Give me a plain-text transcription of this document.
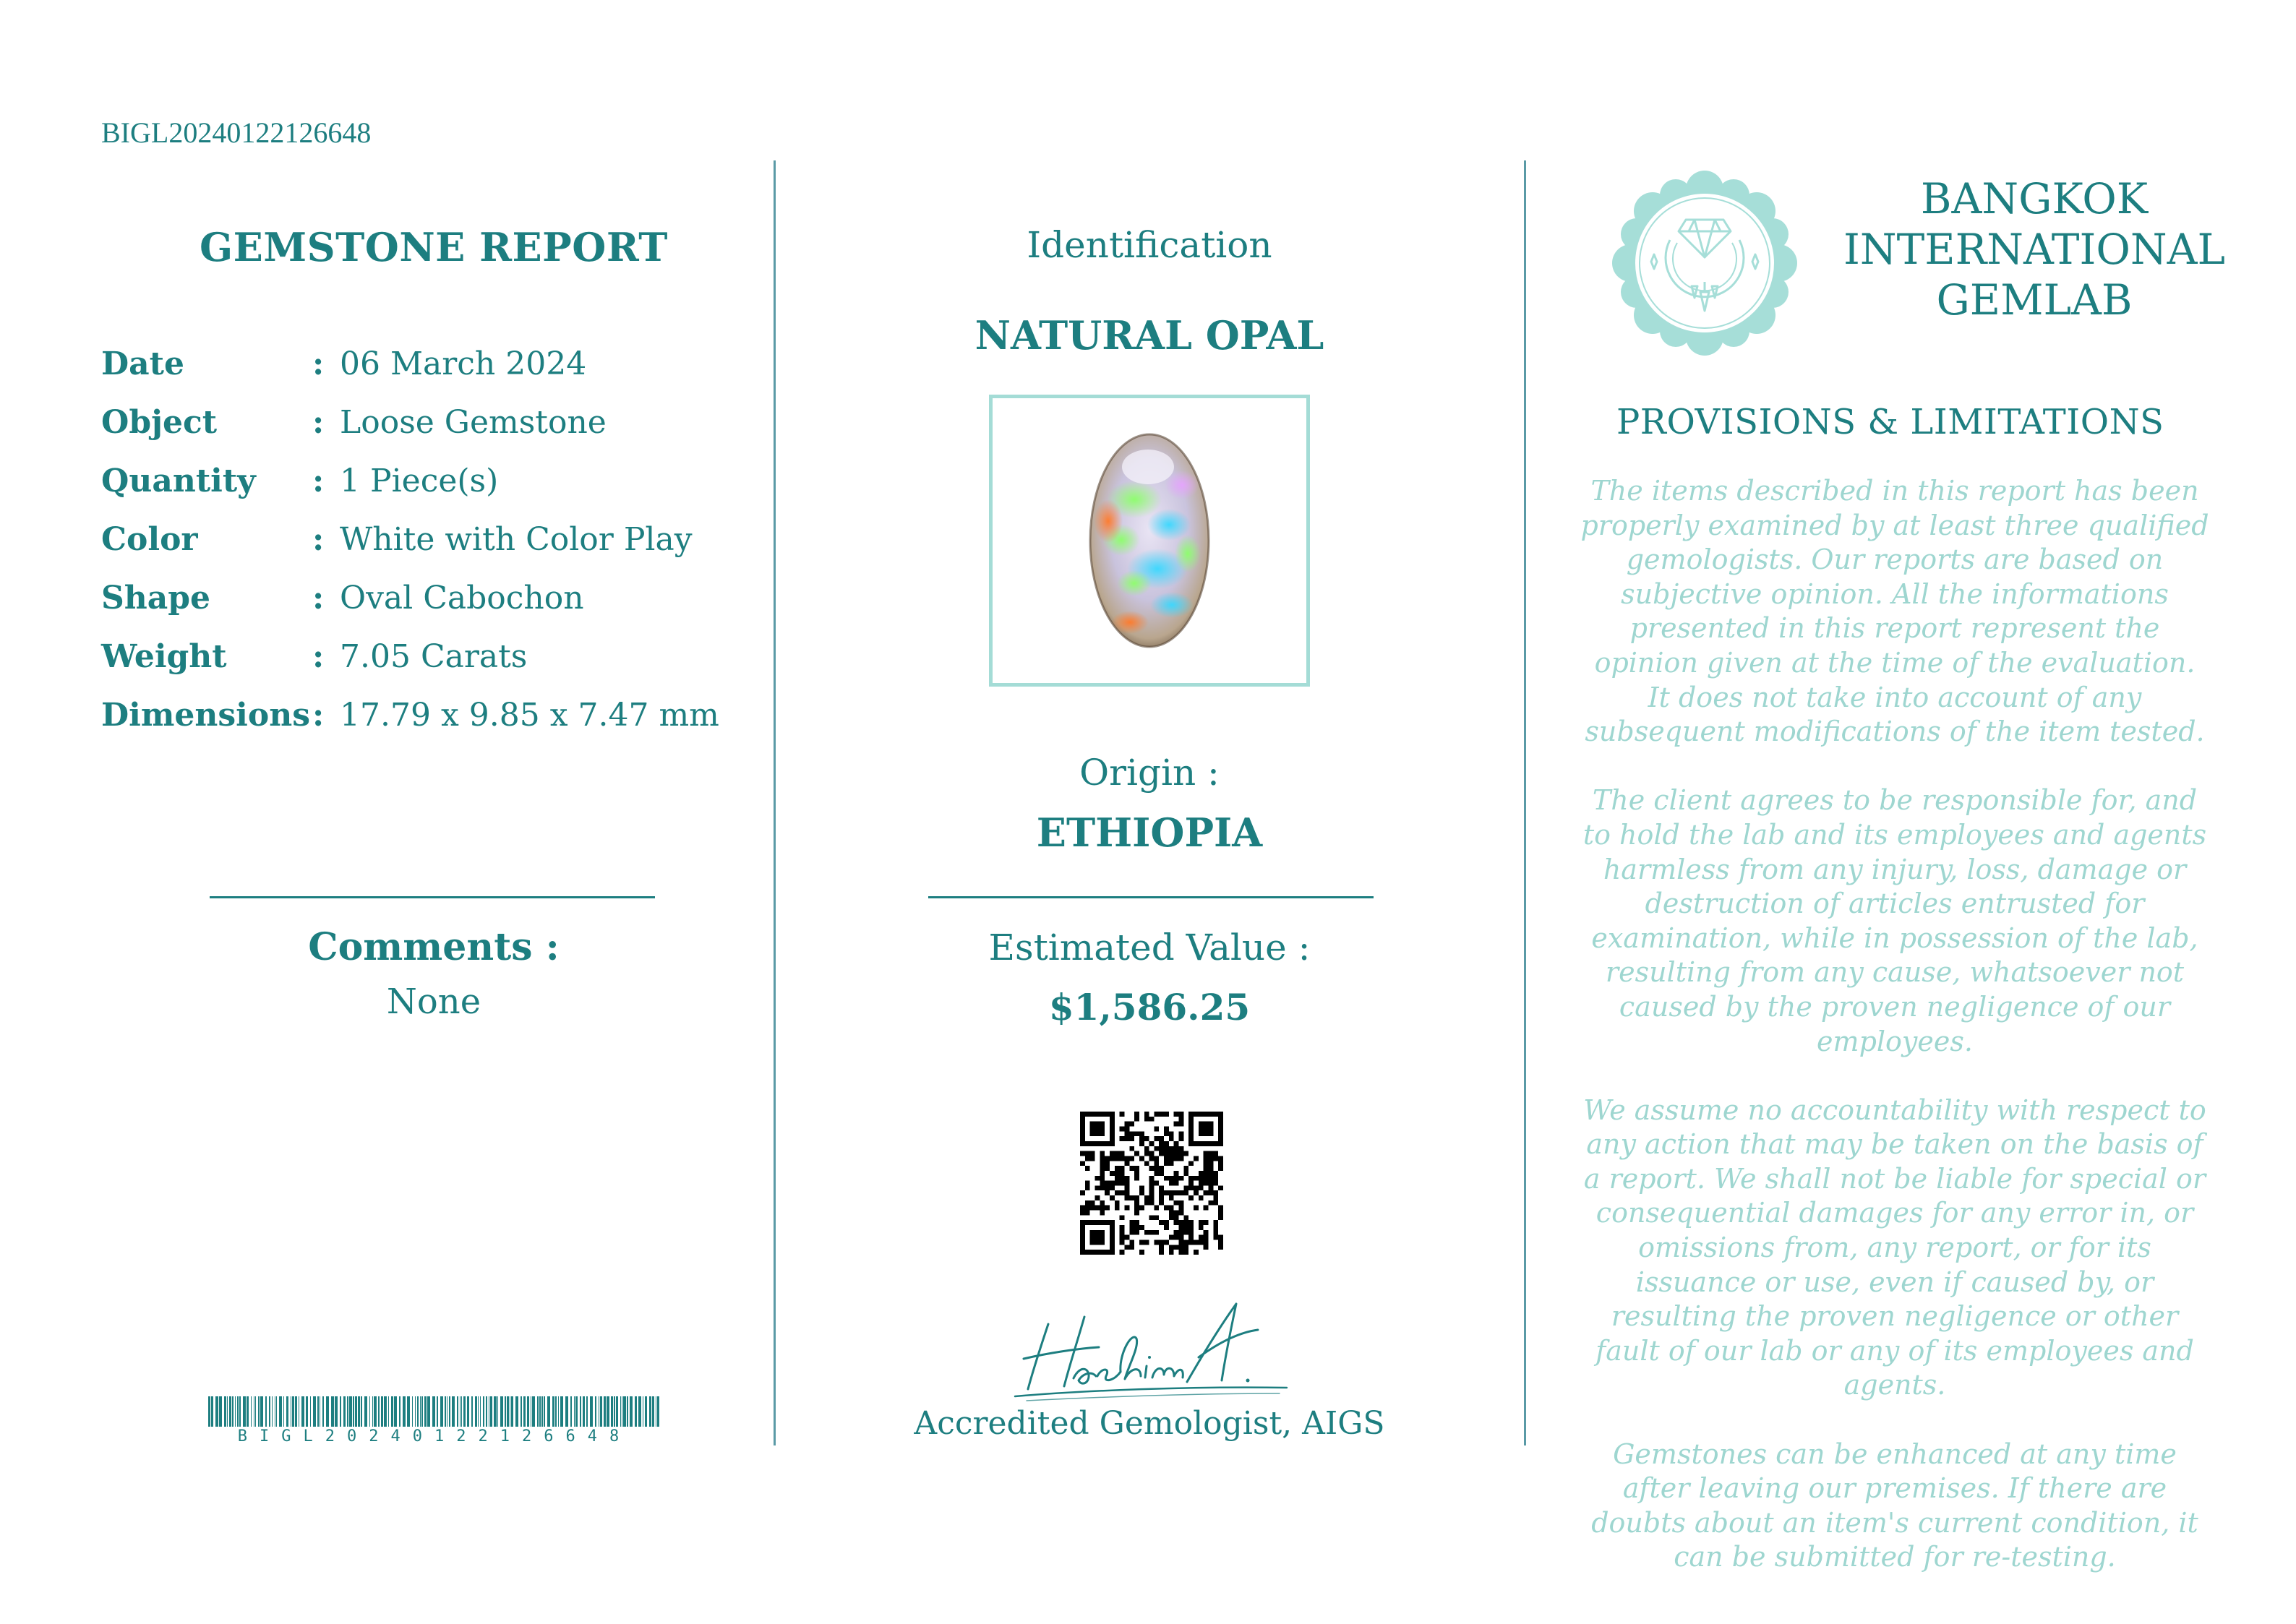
BIGL20240122126648
GEMSTONE REPORT
Date	: 06 March 2024
Object	: Loose Gemstone
Quantity	: 1 Piece(s)
Color	: White with Color Play
Shape	: Oval Cabochon
Weight	: 7.05 Carats
Dimensions : 17.79 x 9.85 x 7.47 mm
Comments :
None
BIGL20240122126648
Identification
NATURAL OPAL
Origin :
ETHIOPIA
Estimated Value :
$1,586.25
Accredited Gemologist, AIGS
BANGKOK
INTERNATIONAL
GEMLAB
PROVISIONS & LIMITATIONS

The items described in this report has been properly examined by at least three qualified gemologists. Our reports are based on subjective opinion. All the informations presented in this report represent the opinion given at the time of the evaluation. It does not take into account of any subsequent modifications of the item tested.

The client agrees to be responsible for, and to hold the lab and its employees and agents harmless from any injury, loss, damage or destruction of articles entrusted for examination, while in possession of the lab, resulting from any cause, whatsoever not caused by the proven negligence of our employees.

We assume no accountability with respect to any action that may be taken on the basis of a report. We shall not be liable for special or consequential damages for any error in, or omissions from, any report, or for its issuance or use, even if caused by, or resulting the proven negligence or other fault of our lab or any of its employees and agents.

Gemstones can be enhanced at any time after leaving our premises. If there are doubts about an item's current condition, it can be submitted for re-testing.
